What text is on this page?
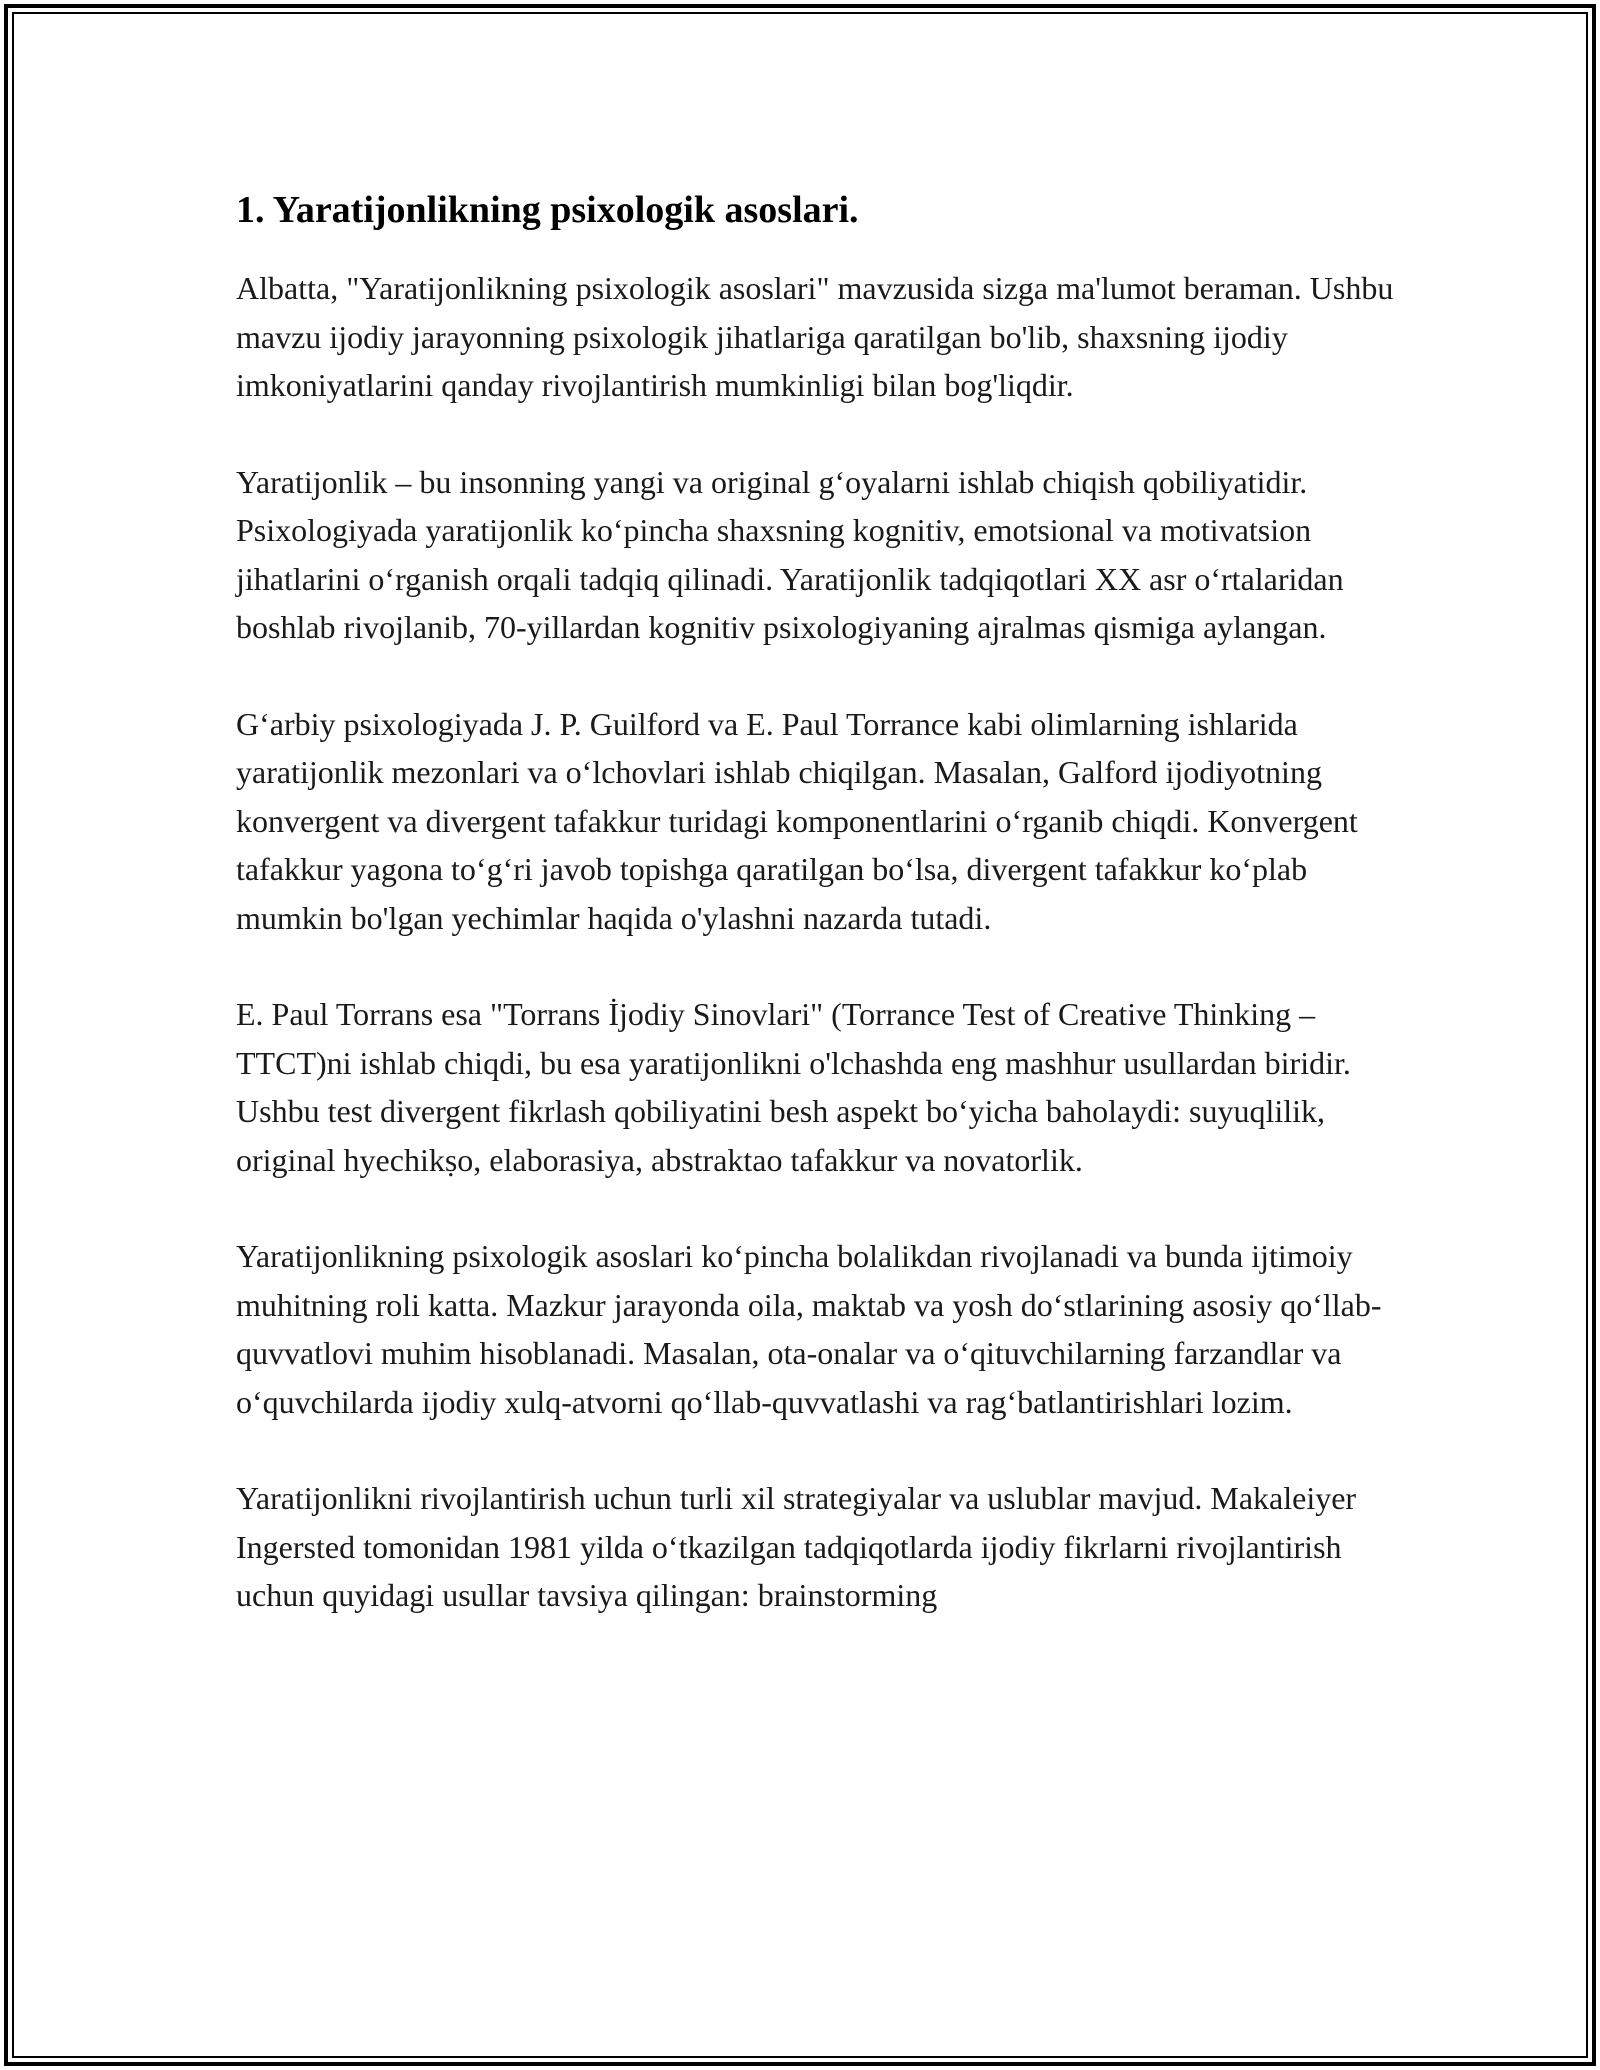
1. Yaratijonlikning psixologik asoslari.

Albatta, "Yaratijonlikning psixologik asoslari" mavzusida sizga ma'lumot beraman. Ushbu mavzu ijodiy jarayonning psixologik jihatlariga qaratilgan bo'lib, shaxsning ijodiy imkoniyatlarini qanday rivojlantirish mumkinligi bilan bog'liqdir.

Yaratijonlik – bu insonning yangi va original g‘oyalarni ishlab chiqish qobiliyatidir. Psixologiyada yaratijonlik ko‘pincha shaxsning kognitiv, emotsional va motivatsion jihatlarini o‘rganish orqali tadqiq qilinadi. Yaratijonlik tadqiqotlari XX asr o‘rtalaridan boshlab rivojlanib, 70-yillardan kognitiv psixologiyaning ajralmas qismiga aylangan.

G‘arbiy psixologiyada J. P. Guilford va E. Paul Torrance kabi olimlarning ishlarida yaratijonlik mezonlari va o‘lchovlari ishlab chiqilgan. Masalan, Galford ijodiyotning konvergent va divergent tafakkur turidagi komponentlarini o‘rganib chiqdi. Konvergent tafakkur yagona to‘g‘ri javob topishga qaratilgan bo‘lsa, divergent tafakkur ko‘plab mumkin bo'lgan yechimlar haqida o'ylashni nazarda tutadi.

E. Paul Torrans esa "Torrans İjodiy Sinovlari" (Torrance Test of Creative Thinking – TTCT)ni ishlab chiqdi, bu esa yaratijonlikni o'lchashda eng mashhur usullardan biridir. Ushbu test divergent fikrlash qobiliyatini besh aspekt bo‘yicha baholaydi: suyuqlilik, original hyechikṣo, elaborasiya, abstraktao tafakkur va novatorlik.

Yaratijonlikning psixologik asoslari ko‘pincha bolalikdan rivojlanadi va bunda ijtimoiy muhitning roli katta. Mazkur jarayonda oila, maktab va yosh do‘stlarining asosiy qo‘llab-quvvatlovi muhim hisoblanadi. Masalan, ota-onalar va o‘qituvchilarning farzandlar va o‘quvchilarda ijodiy xulq-atvorni qo‘llab-quvvatlashi va rag‘batlantirishlari lozim.

Yaratijonlikni rivojlantirish uchun turli xil strategiyalar va uslublar mavjud. Makaleiyer Ingersted tomonidan 1981 yilda o‘tkazilgan tadqiqotlarda ijodiy fikrlarni rivojlantirish uchun quyidagi usullar tavsiya qilingan: brainstorming
